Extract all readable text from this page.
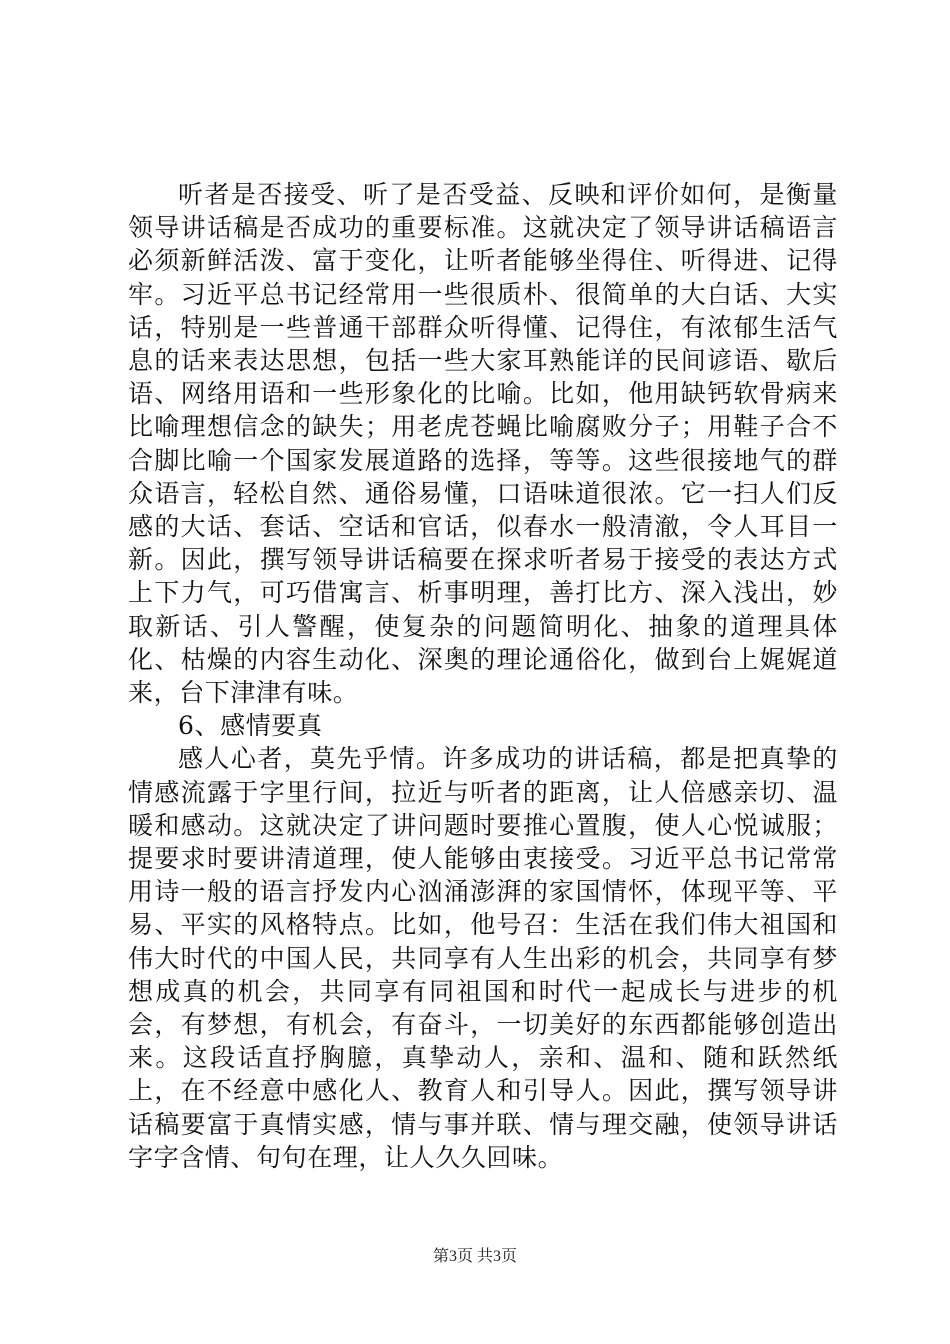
听者是否接受、听了是否受益、反映和评价如何，是衡量领导讲话稿是否成功的重要标准。这就决定了领导讲话稿语言必须新鲜活泼、富于变化，让听者能够坐得住、听得进、记得牢。习近平总书记经常用一些很质朴、很简单的大白话、大实话，特别是一些普通干部群众听得懂、记得住，有浓郁生活气息的话来表达思想，包括一些大家耳熟能详的民间谚语、歇后语、网络用语和一些形象化的比喻。比如，他用缺钙软骨病来比喻理想信念的缺失；用老虎苍蝇比喻腐败分子；用鞋子合不合脚比喻一个国家发展道路的选择，等等。这些很接地气的群众语言，轻松自然、通俗易懂，口语味道很浓。它一扫人们反感的大话、套话、空话和官话，似春水一般清澈，令人耳目一新。因此，撰写领导讲话稿要在探求听者易于接受的表达方式上下力气，可巧借寓言、析事明理，善打比方、深入浅出，妙取新话、引人警醒，使复杂的问题简明化、抽象的道理具体化、枯燥的内容生动化、深奥的理论通俗化，做到台上娓娓道来，台下津津有味。

6、感情要真

感人心者，莫先乎情。许多成功的讲话稿，都是把真挚的情感流露于字里行间，拉近与听者的距离，让人倍感亲切、温暖和感动。这就决定了讲问题时要推心置腹，使人心悦诚服；提要求时要讲清道理，使人能够由衷接受。习近平总书记常常用诗一般的语言抒发内心汹涌澎湃的家国情怀，体现平等、平易、平实的风格特点。比如，他号召：生活在我们伟大祖国和伟大时代的中国人民，共同享有人生出彩的机会，共同享有梦想成真的机会，共同享有同祖国和时代一起成长与进步的机会，有梦想，有机会，有奋斗，一切美好的东西都能够创造出来。这段话直抒胸臆，真挚动人，亲和、温和、随和跃然纸上，在不经意中感化人、教育人和引导人。因此，撰写领导讲话稿要富于真情实感，情与事并联、情与理交融，使领导讲话字字含情、句句在理，让人久久回味。

第3页 共3页
